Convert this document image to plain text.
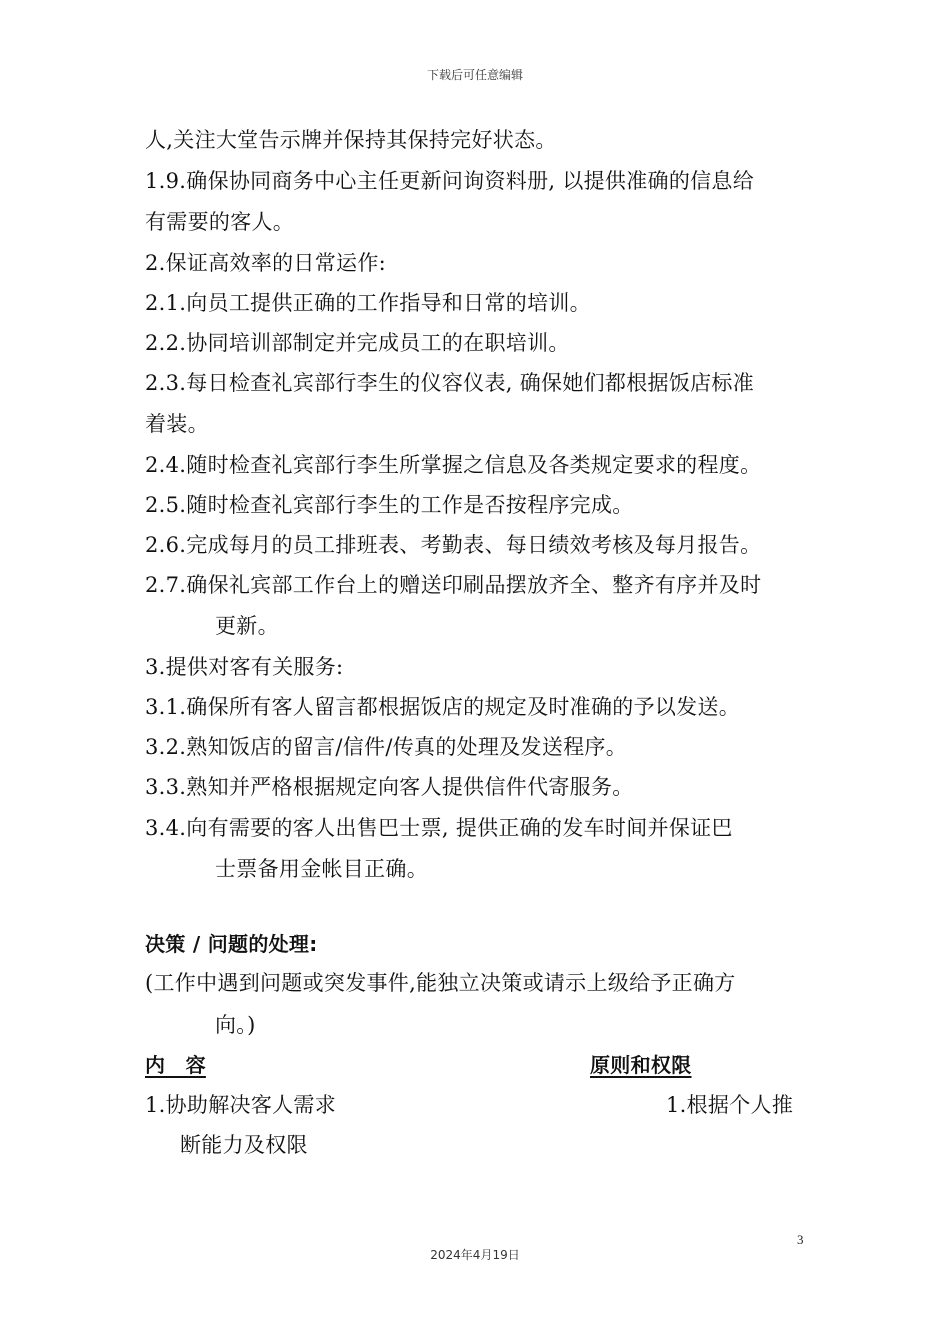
下载后可任意编辑
人,关注大堂告示牌并保持其保持完好状态。
1.9.确保协同商务中心主任更新问询资料册, 以提供准确的信息给
有需要的客人。
2.保证高效率的日常运作:
2.1.向员工提供正确的工作指导和日常的培训。
2.2.协同培训部制定并完成员工的在职培训。
2.3.每日检查礼宾部行李生的仪容仪表, 确保她们都根据饭店标准
着装。
2.4.随时检查礼宾部行李生所掌握之信息及各类规定要求的程度。
2.5.随时检查礼宾部行李生的工作是否按程序完成。
2.6.完成每月的员工排班表、考勤表、每日绩效考核及每月报告。
2.7.确保礼宾部工作台上的赠送印刷品摆放齐全、整齐有序并及时
更新。
3.提供对客有关服务:
3.1.确保所有客人留言都根据饭店的规定及时准确的予以发送。
3.2.熟知饭店的留言/信件/传真的处理及发送程序。
3.3.熟知并严格根据规定向客人提供信件代寄服务。
3.4.向有需要的客人出售巴士票, 提供正确的发车时间并保证巴
士票备用金帐目正确。
决策 / 问题的处理:
(工作中遇到问题或突发事件,能独立决策或请示上级给予正确方
向。)
内　容	原则和权限
1.协助解决客人需求	1.根据个人推
断能力及权限
3
2024年4月19日
